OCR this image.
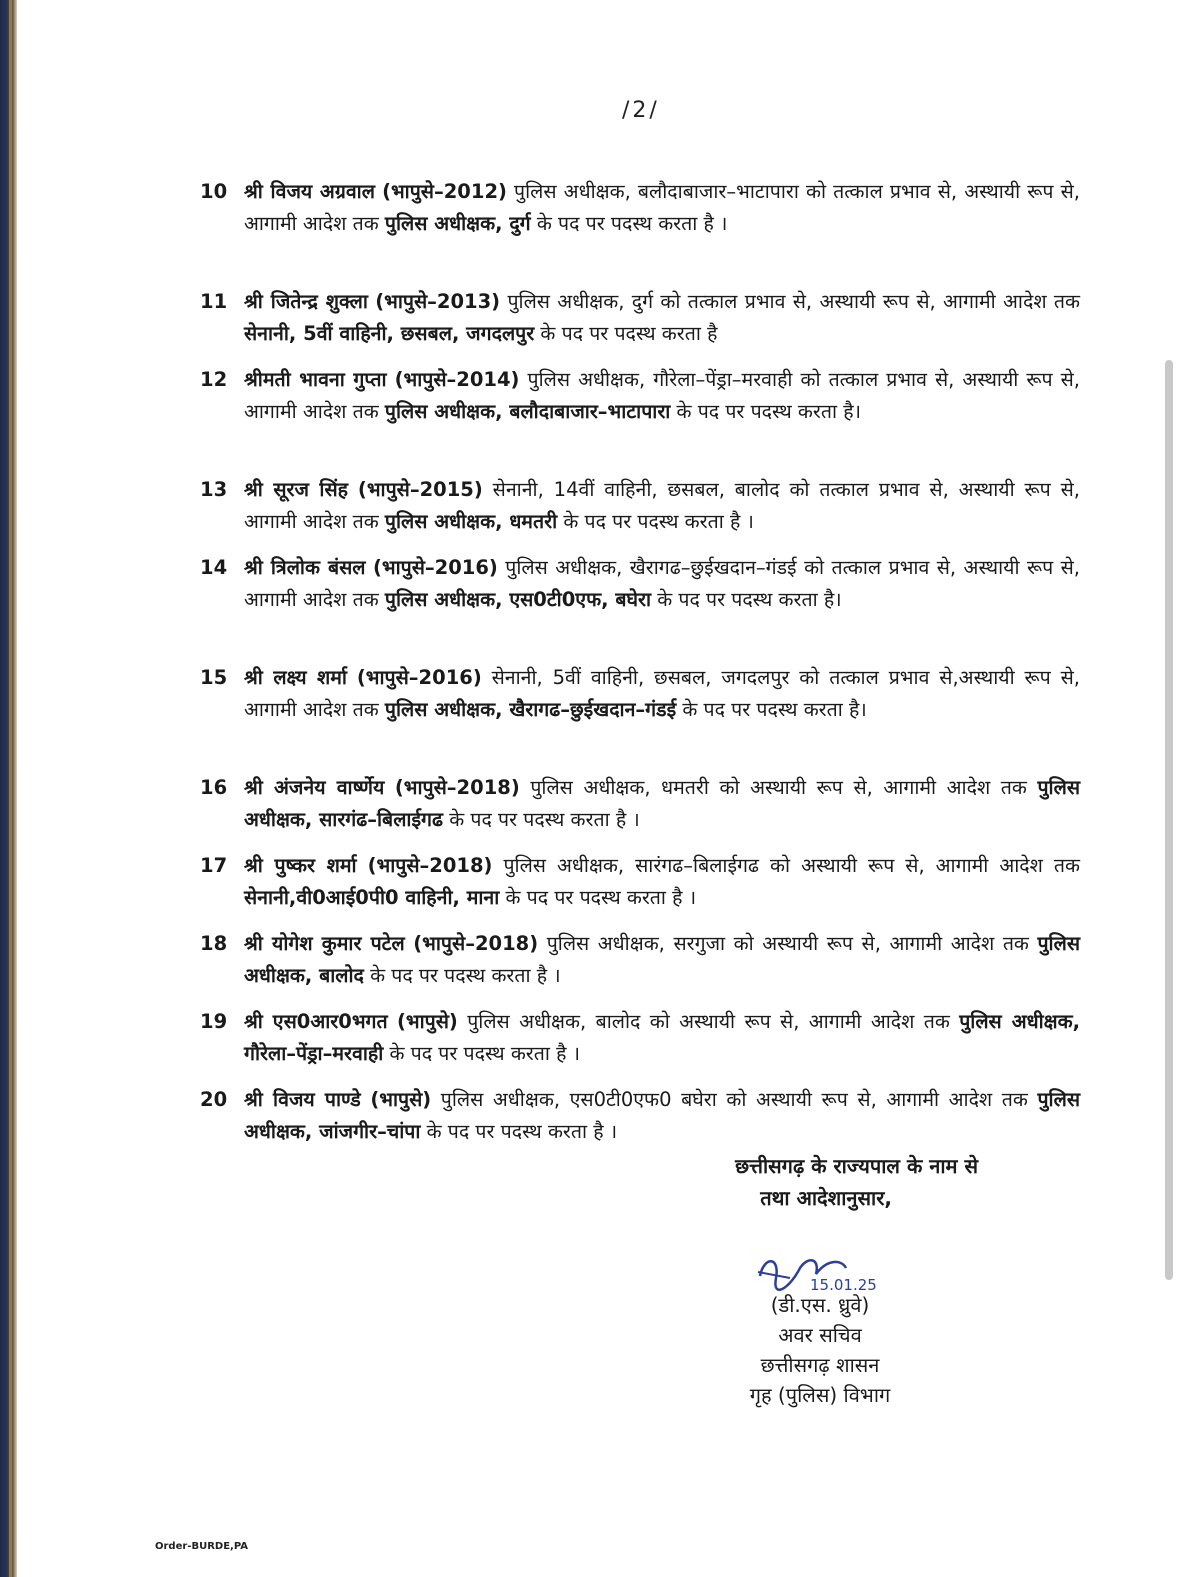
/2/
10 श्री विजय अग्रवाल (भापुसे–2012) पुलिस अधीक्षक, बलौदाबाजार–भाटापारा को तत्काल प्रभाव से, अस्थायी रूप से, आगामी आदेश तक पुलिस अधीक्षक, दुर्ग के पद पर पदस्थ करता है ।
11 श्री जितेन्द्र शुक्ला (भापुसे–2013) पुलिस अधीक्षक, दुर्ग को तत्काल प्रभाव से, अस्थायी रूप से, आगामी आदेश तक सेनानी, 5वीं वाहिनी, छसबल, जगदलपुर के पद पर पदस्थ करता है
12 श्रीमती भावना गुप्ता (भापुसे–2014) पुलिस अधीक्षक, गौरेला–पेंड्रा–मरवाही को तत्काल प्रभाव से, अस्थायी रूप से, आगामी आदेश तक पुलिस अधीक्षक, बलौदाबाजार–भाटापारा के पद पर पदस्थ करता है।
13 श्री सूरज सिंह (भापुसे–2015) सेनानी, 14वीं वाहिनी, छसबल, बालोद को तत्काल प्रभाव से, अस्थायी रूप से, आगामी आदेश तक पुलिस अधीक्षक, धमतरी के पद पर पदस्थ करता है ।
14 श्री त्रिलोक बंसल (भापुसे–2016) पुलिस अधीक्षक, खैरागढ–छुईखदान–गंडई को तत्काल प्रभाव से, अस्थायी रूप से, आगामी आदेश तक पुलिस अधीक्षक, एस0टी0एफ, बघेरा के पद पर पदस्थ करता है।
15 श्री लक्ष्य शर्मा (भापुसे–2016) सेनानी, 5वीं वाहिनी, छसबल, जगदलपुर को तत्काल प्रभाव से,अस्थायी रूप से, आगामी आदेश तक पुलिस अधीक्षक, खैरागढ–छुईखदान–गंडई के पद पर पदस्थ करता है।
16 श्री अंजनेय वार्ष्णेय (भापुसे–2018) पुलिस अधीक्षक, धमतरी को अस्थायी रूप से, आगामी आदेश तक पुलिस अधीक्षक, सारगंढ–बिलाईगढ के पद पर पदस्थ करता है ।
17 श्री पुष्कर शर्मा (भापुसे–2018) पुलिस अधीक्षक, सारंगढ–बिलाईगढ को अस्थायी रूप से, आगामी आदेश तक सेनानी,वी0आई0पी0 वाहिनी, माना के पद पर पदस्थ करता है ।
18 श्री योगेश कुमार पटेल (भापुसे–2018) पुलिस अधीक्षक, सरगुजा को अस्थायी रूप से, आगामी आदेश तक पुलिस अधीक्षक, बालोद के पद पर पदस्थ करता है ।
19 श्री एस0आर0भगत (भापुसे) पुलिस अधीक्षक, बालोद को अस्थायी रूप से, आगामी आदेश तक पुलिस अधीक्षक, गौरेला–पेंड्रा–मरवाही के पद पर पदस्थ करता है ।
20 श्री विजय पाण्डे (भापुसे) पुलिस अधीक्षक, एस0टी0एफ0 बघेरा को अस्थायी रूप से, आगामी आदेश तक पुलिस अधीक्षक, जांजगीर–चांपा के पद पर पदस्थ करता है ।
छत्तीसगढ़ के राज्यपाल के नाम से
तथा आदेशानुसार,
15.01.25
(डी.एस. ध्रुवे)
अवर सचिव
छत्तीसगढ़ शासन
गृह (पुलिस) विभाग
Order-BURDE,PA
